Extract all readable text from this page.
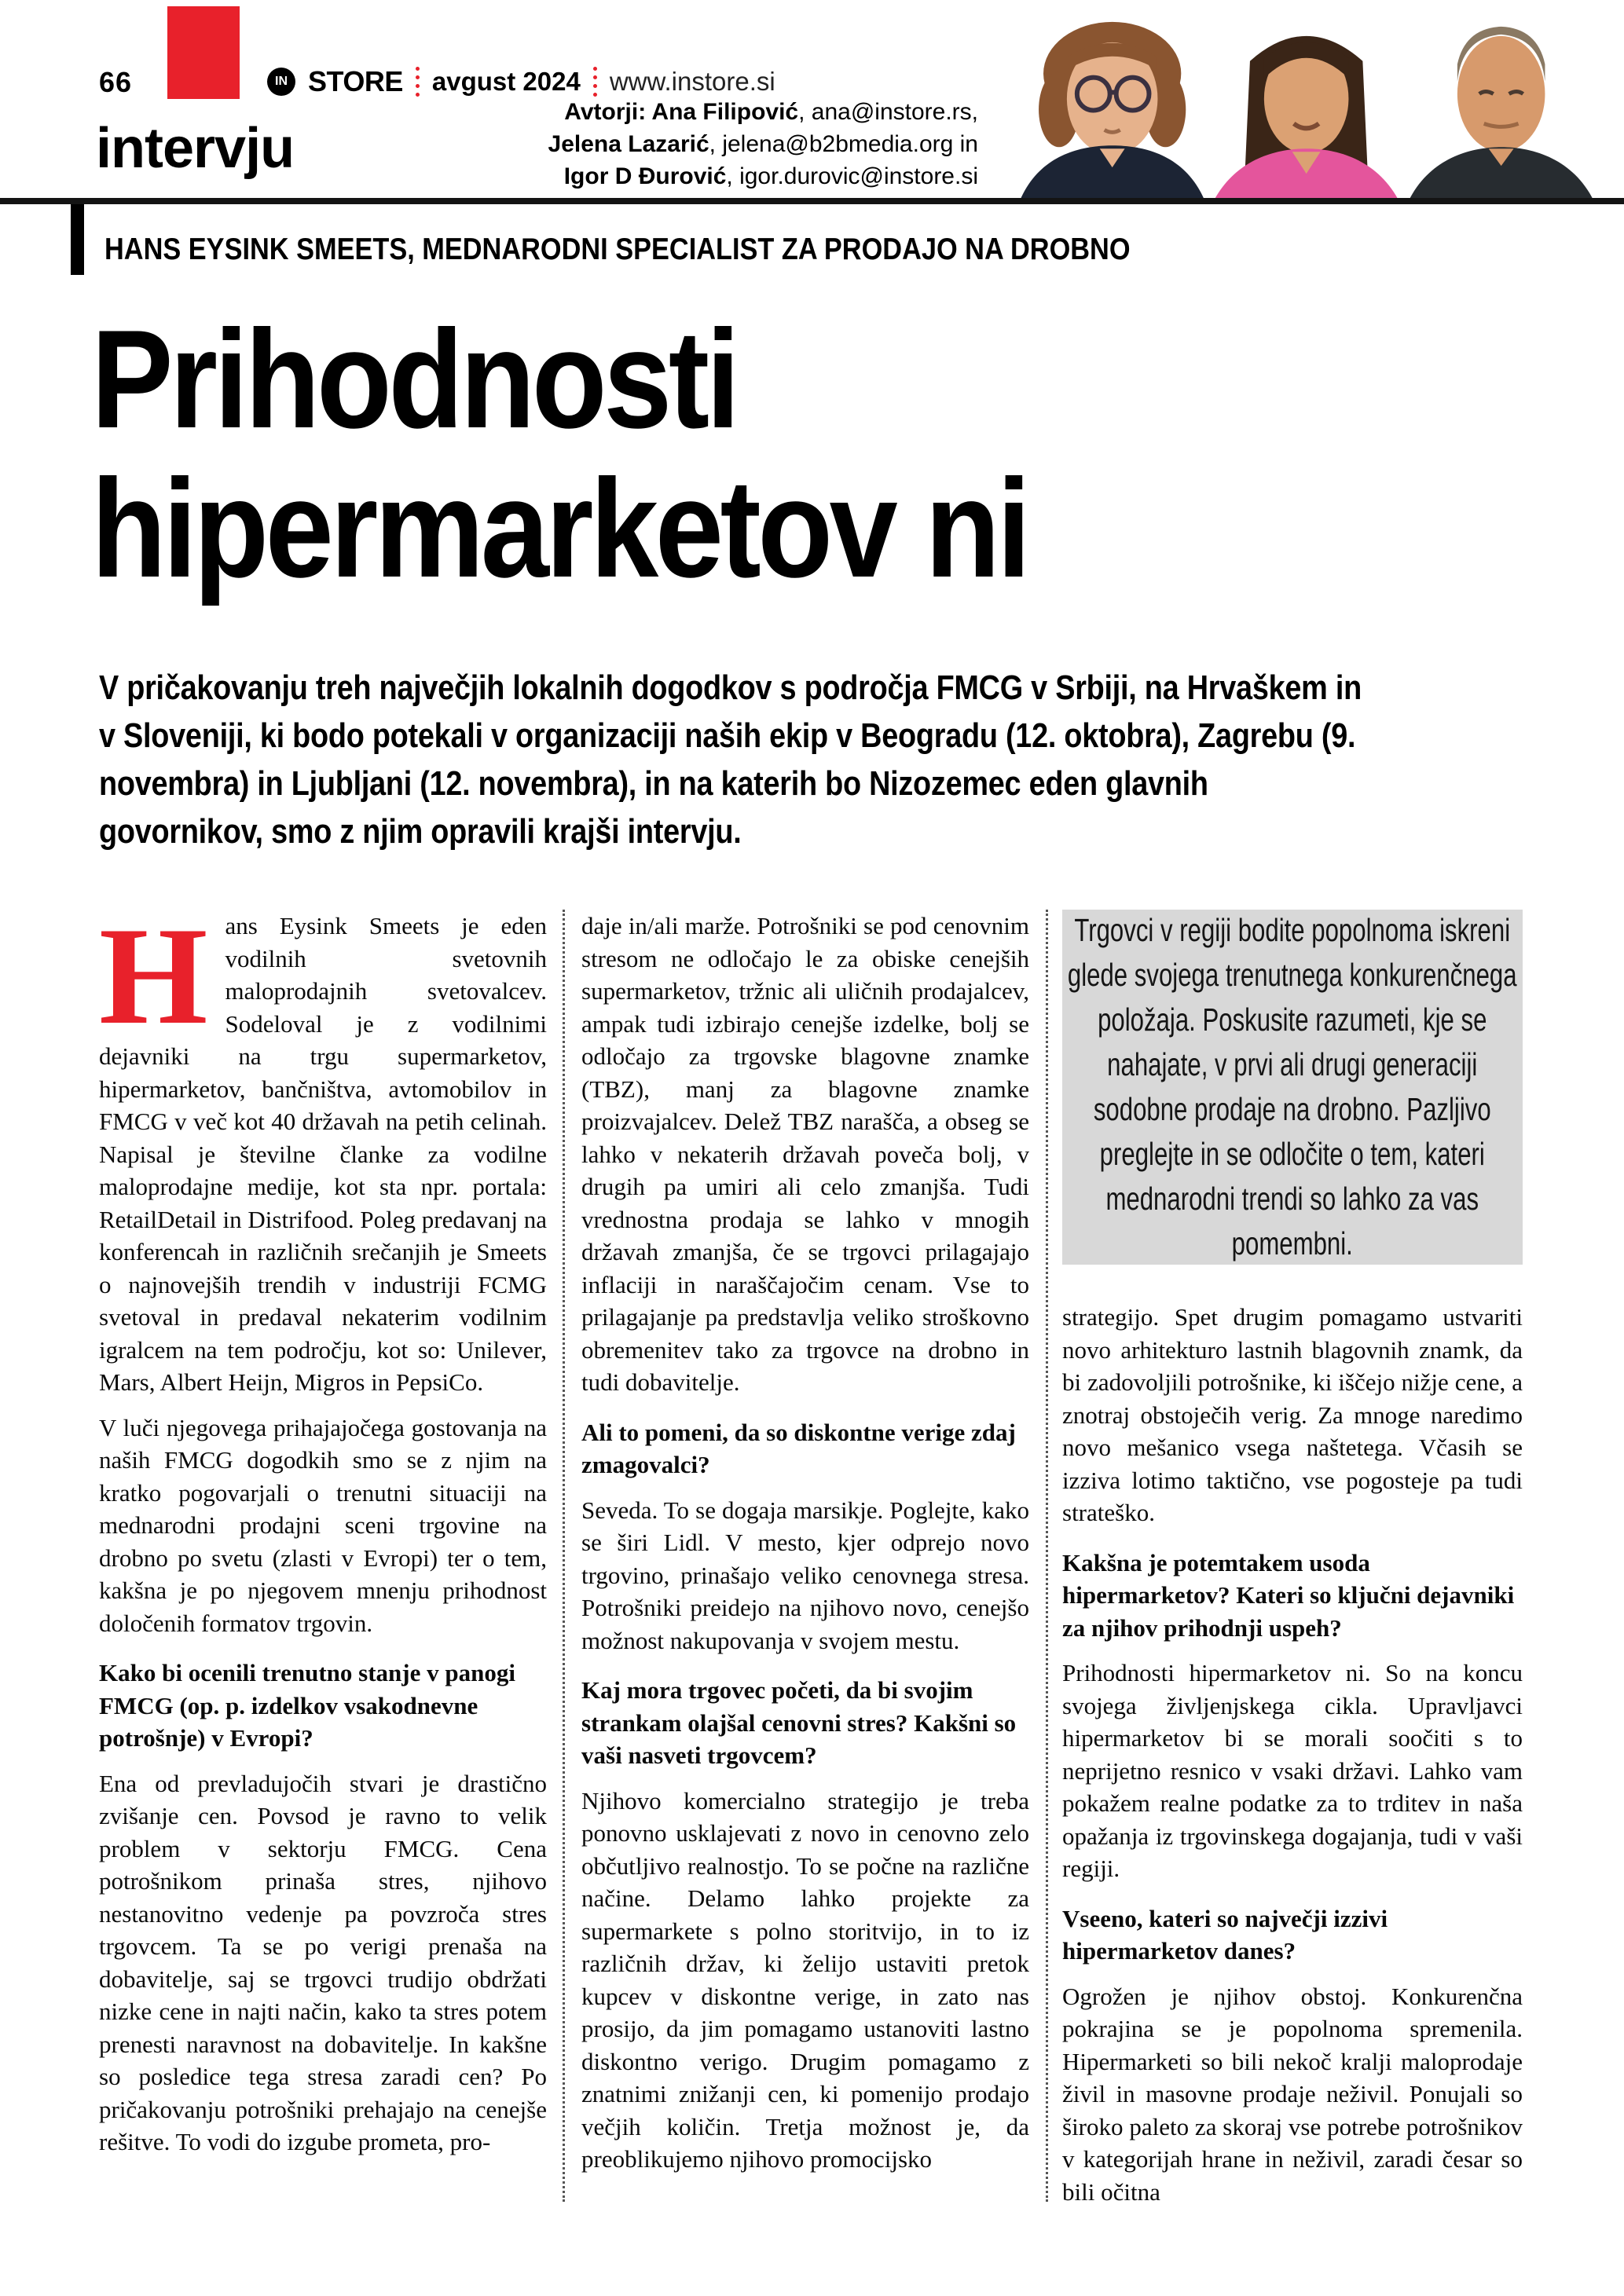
66	IN STORE avgust 2024 www.instore.si
intervju
Avtorji: Ana Filipović, ana@instore.rs,
Jelena Lazarić, jelena@b2bmedia.org in
Igor D Đurović, igor.durovic@instore.si
HANS EYSINK SMEETS, MEDNARODNI SPECIALIST ZA PRODAJO NA DROBNO
Prihodnosti
hipermarketov ni
V pričakovanju treh največjih lokalnih dogodkov s področja FMCG v Srbiji, na Hrvaškem in v Sloveniji, ki bodo potekali v organizaciji naših ekip v Beogradu (12. oktobra), Zagrebu (9. novembra) in Ljubljani (12. novembra), in na katerih bo Nizozemec eden glavnih govornikov, smo z njim opravili krajši intervju.

Hans Eysink Smeets je eden vodilnih svetovnih maloprodajnih svetovalcev. Sodeloval je z vodilnimi dejavniki na trgu supermarketov, hipermarketov, bančništva, avtomobilov in FMCG v več kot 40 državah na petih celinah. Napisal je številne članke za vodilne maloprodajne medije, kot sta npr. portala: RetailDetail in Distrifood. Poleg predavanj na konferencah in različnih srečanjih je Smeets o najnovejših trendih v industriji FCMG svetoval in predaval nekaterim vodilnim igralcem na tem področju, kot so: Unilever, Mars, Albert Heijn, Migros in PepsiCo.

V luči njegovega prihajajočega gostovanja na naših FMCG dogodkih smo se z njim na kratko pogovarjali o trenutni situaciji na mednarodni prodajni sceni trgovine na drobno po svetu (zlasti v Evropi) ter o tem, kakšna je po njegovem mnenju prihodnost določenih formatov trgovin.

Kako bi ocenili trenutno stanje v panogi FMCG (op. p. izdelkov vsakodnevne potrošnje) v Evropi?

Ena od prevladujočih stvari je drastično zvišanje cen. Povsod je ravno to velik problem v sektorju FMCG. Cena potrošnikom prinaša stres, njihovo nestanovitno vedenje pa povzroča stres trgovcem. Ta se po verigi prenaša na dobavitelje, saj se trgovci trudijo obdržati nizke cene in najti način, kako ta stres potem prenesti naravnost na dobavitelje. In kakšne so posledice tega stresa zaradi cen? Po pričakovanju potrošniki prehajajo na cenejše rešitve. To vodi do izgube prometa, pro-

daje in/ali marže. Potrošniki se pod cenovnim stresom ne odločajo le za obiske cenejših supermarketov, tržnic ali uličnih prodajalcev, ampak tudi izbirajo cenejše izdelke, bolj se odločajo za trgovske blagovne znamke (TBZ), manj za blagovne znamke proizvajalcev. Delež TBZ narašča, a obseg se lahko v nekaterih državah poveča bolj, v drugih pa umiri ali celo zmanjša. Tudi vrednostna prodaja se lahko v mnogih državah zmanjša, če se trgovci prilagajajo inflaciji in naraščajočim cenam. Vse to prilagajanje pa predstavlja veliko stroškovno obremenitev tako za trgovce na drobno in tudi dobavitelje.

Ali to pomeni, da so diskontne verige zdaj zmagovalci?

Seveda. To se dogaja marsikje. Poglejte, kako se širi Lidl. V mesto, kjer odprejo novo trgovino, prinašajo veliko cenovnega stresa. Potrošniki preidejo na njihovo novo, cenejšo možnost nakupovanja v svojem mestu.

Kaj mora trgovec početi, da bi svojim strankam olajšal cenovni stres? Kakšni so vaši nasveti trgovcem?

Njihovo komercialno strategijo je treba ponovno usklajevati z novo in cenovno zelo občutljivo realnostjo. To se počne na različne načine. Delamo lahko projekte za supermarkete s polno storitvijo, in to iz različnih držav, ki želijo ustaviti pretok kupcev v diskontne verige, in zato nas prosijo, da jim pomagamo ustanoviti lastno diskontno verigo. Drugim pomagamo z znatnimi znižanji cen, ki pomenijo prodajo večjih količin. Tretja možnost je, da preoblikujemo njihovo promocijsko

Trgovci v regiji bodite popolnoma iskreni glede svojega trenutnega konkurenčnega položaja. Poskusite razumeti, kje se nahajate, v prvi ali drugi generaciji sodobne prodaje na drobno. Pazljivo preglejte in se odločite o tem, kateri mednarodni trendi so lahko za vas pomembni.

strategijo. Spet drugim pomagamo ustvariti novo arhitekturo lastnih blagovnih znamk, da bi zadovoljili potrošnike, ki iščejo nižje cene, a znotraj obstoječih verig. Za mnoge naredimo novo mešanico vsega naštetega. Včasih se izziva lotimo taktično, vse pogosteje pa tudi strateško.

Kakšna je potemtakem usoda hipermarketov? Kateri so ključni dejavniki za njihov prihodnji uspeh?

Prihodnosti hipermarketov ni. So na koncu svojega življenjskega cikla. Upravljavci hipermarketov bi se morali soočiti s to neprijetno resnico v vsaki državi. Lahko vam pokažem realne podatke za to trditev in naša opažanja iz trgovinskega dogajanja, tudi v vaši regiji.

Vseeno, kateri so največji izzivi hipermarketov danes?

Ogrožen je njihov obstoj. Konkurenčna pokrajina se je popolnoma spremenila. Hipermarketi so bili nekoč kralji maloprodaje živil in masovne prodaje neživil. Ponujali so široko paleto za skoraj vse potrebe potrošnikov v kategorijah hrane in neživil, zaradi česar so bili očitna
